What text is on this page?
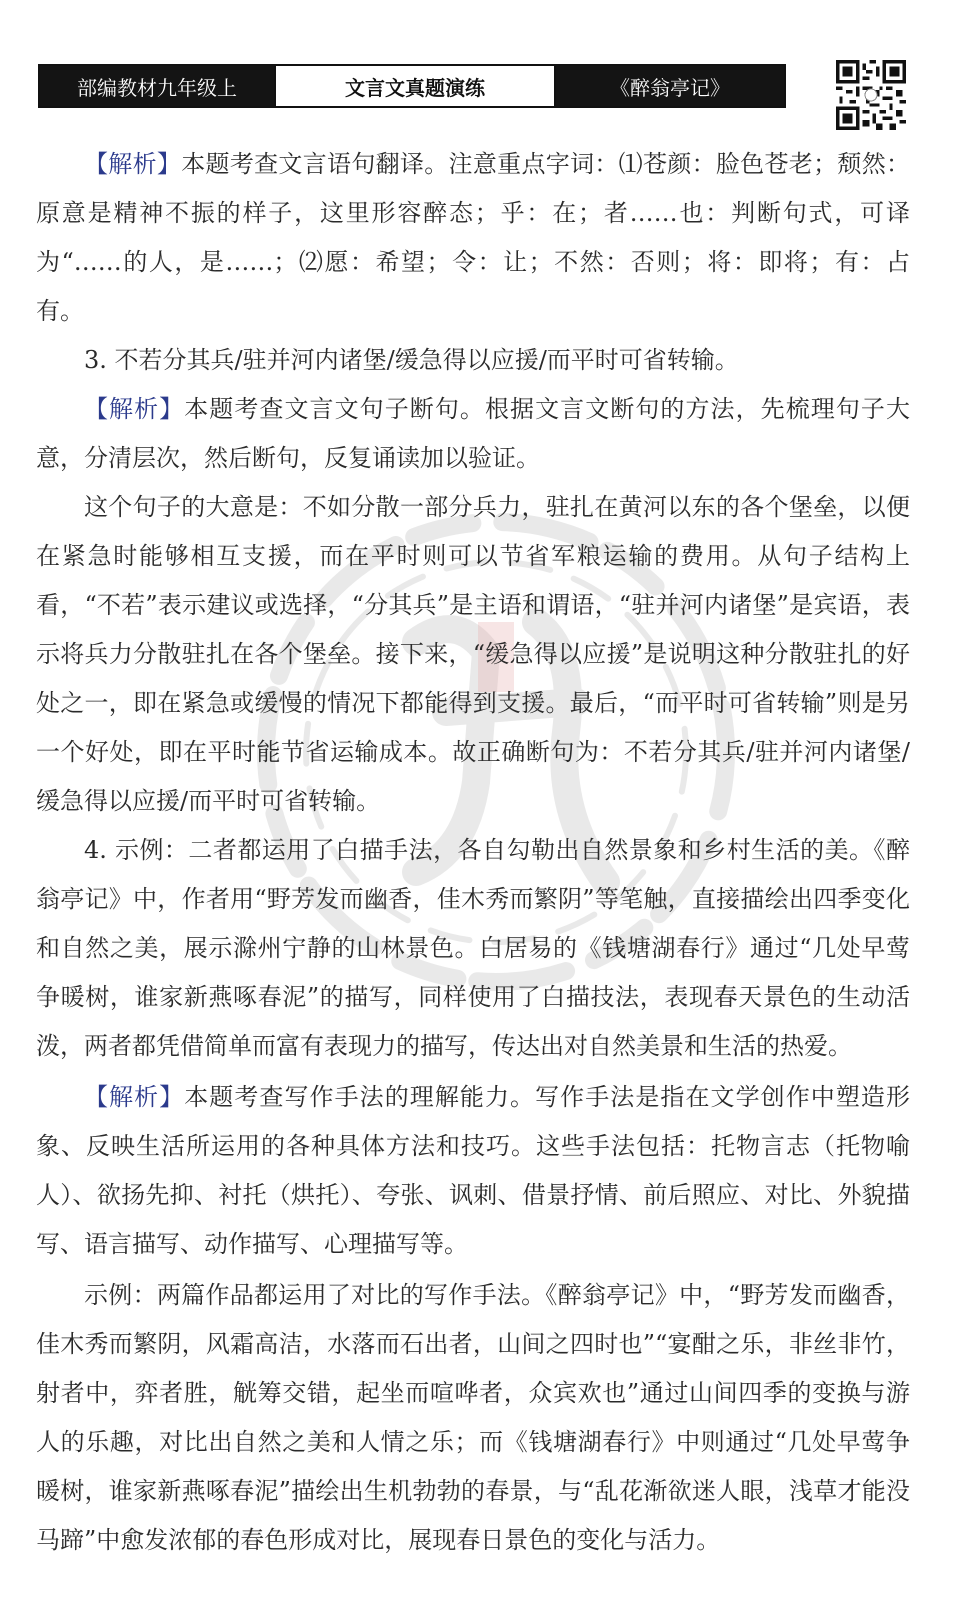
部编教材九年级上	文言文真题演练	《醉翁亭记》

【解析】本题考查文言语句翻译。注意重点字词：⑴苍颜：脸色苍老；颓然：原意是精神不振的样子，这里形容醉态；乎：在；者……也：判断句式，可译为“……的人，是……；⑵愿：希望；令：让；不然：否则；将：即将；有：占有。

3. 不若分其兵/驻并河内诸堡/缓急得以应援/而平时可省转输。

【解析】本题考查文言文句子断句。根据文言文断句的方法，先梳理句子大意，分清层次，然后断句，反复诵读加以验证。

这个句子的大意是：不如分散一部分兵力，驻扎在黄河以东的各个堡垒，以便在紧急时能够相互支援，而在平时则可以节省军粮运输的费用。从句子结构上看，“不若”表示建议或选择，“分其兵”是主语和谓语，“驻并河内诸堡”是宾语，表示将兵力分散驻扎在各个堡垒。接下来，“缓急得以应援”是说明这种分散驻扎的好处之一，即在紧急或缓慢的情况下都能得到支援。最后，“而平时可省转输”则是另一个好处，即在平时能节省运输成本。故正确断句为：不若分其兵/驻并河内诸堡/缓急得以应援/而平时可省转输。

4. 示例：二者都运用了白描手法，各自勾勒出自然景象和乡村生活的美。《醉翁亭记》中，作者用“野芳发而幽香，佳木秀而繁阴”等笔触，直接描绘出四季变化和自然之美，展示滁州宁静的山林景色。白居易的《钱塘湖春行》通过“几处早莺争暖树，谁家新燕啄春泥”的描写，同样使用了白描技法，表现春天景色的生动活泼，两者都凭借简单而富有表现力的描写，传达出对自然美景和生活的热爱。

【解析】本题考查写作手法的理解能力。写作手法是指在文学创作中塑造形象、反映生活所运用的各种具体方法和技巧。这些手法包括：托物言志（托物喻人）、欲扬先抑、衬托（烘托）、夸张、讽刺、借景抒情、前后照应、对比、外貌描写、语言描写、动作描写、心理描写等。

示例：两篇作品都运用了对比的写作手法。《醉翁亭记》中，“野芳发而幽香，佳木秀而繁阴，风霜高洁，水落而石出者，山间之四时也”“宴酣之乐，非丝非竹，射者中，弈者胜，觥筹交错，起坐而喧哗者，众宾欢也”通过山间四季的变换与游人的乐趣，对比出自然之美和人情之乐；而《钱塘湖春行》中则通过“几处早莺争暖树，谁家新燕啄春泥”描绘出生机勃勃的春景，与“乱花渐欲迷人眼，浅草才能没马蹄”中愈发浓郁的春色形成对比，展现春日景色的变化与活力。
